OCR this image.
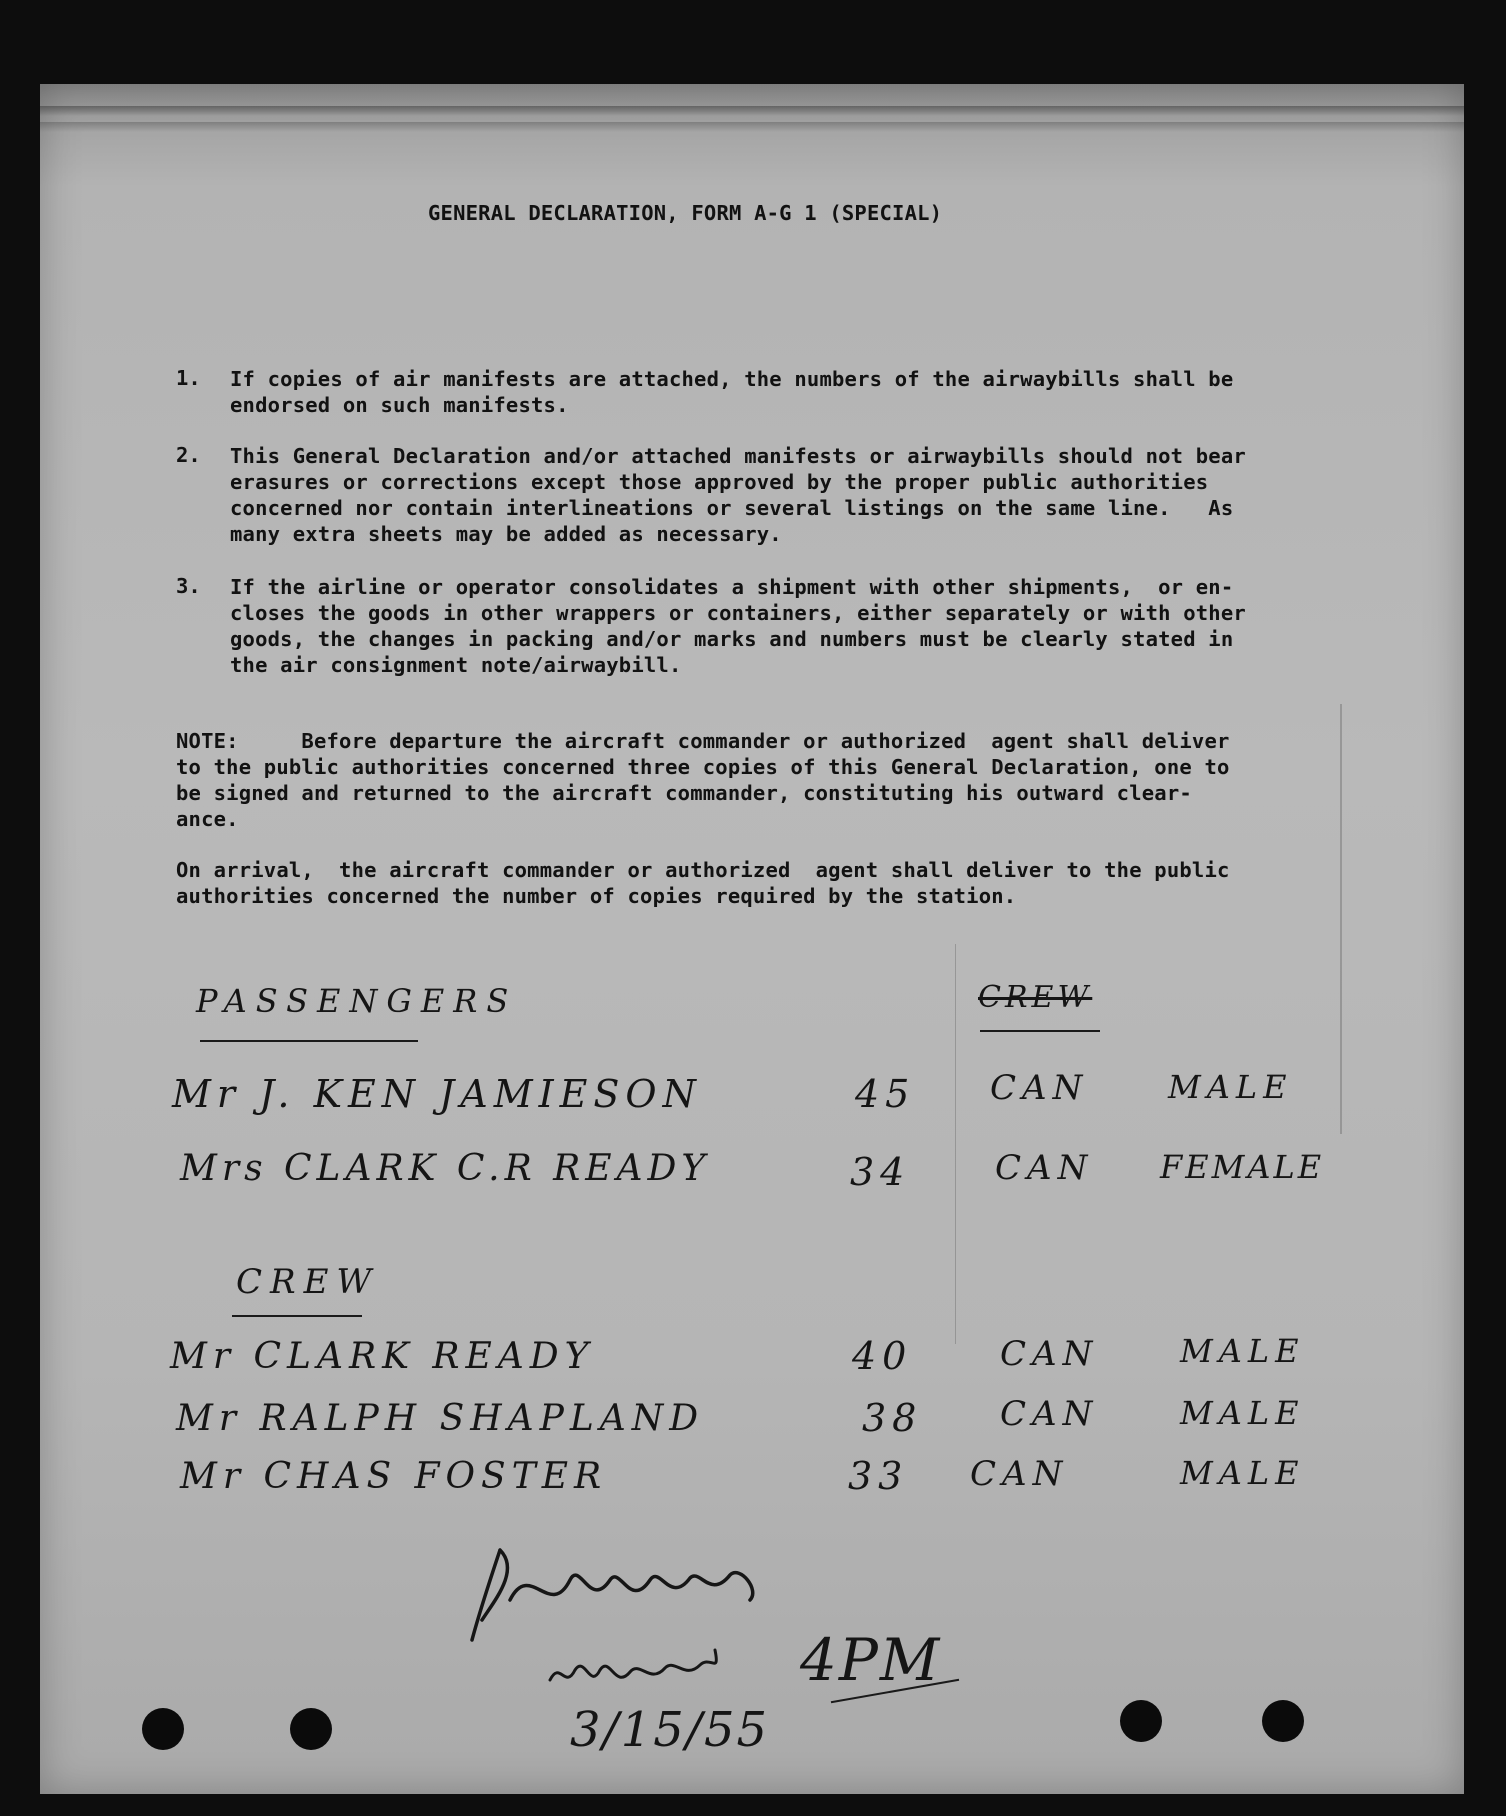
GENERAL DECLARATION, FORM A-G 1 (SPECIAL)
1. If copies of air manifests are attached, the numbers of the airwaybills shall be
endorsed on such manifests.
2. This General Declaration and/or attached manifests or airwaybills should not bear
erasures or corrections except those approved by the proper public authorities
concerned nor contain interlineations or several listings on the same line.   As
many extra sheets may be added as necessary.
3. If the airline or operator consolidates a shipment with other shipments,  or en-
closes the goods in other wrappers or containers, either separately or with other
goods, the changes in packing and/or marks and numbers must be clearly stated in
the air consignment note/airwaybill.
NOTE:     Before departure the aircraft commander or authorized  agent shall deliver
to the public authorities concerned three copies of this General Declaration, one to
be signed and returned to the aircraft commander, constituting his outward clear-
ance.
On arrival,  the aircraft commander or authorized  agent shall deliver to the public
authorities concerned the number of copies required by the station.
PASSENGERS	CREW
Mr J. KEN JAMIESON	45 CAN MALE
Mrs CLARK C.R READY	34 CAN FEMALE
CREW
Mr CLARK READY	40	CAN	MALE
Mr RALPH SHAPLAND	38 CAN	MALE
Mr CHAS FOSTER	33 CAN	MALE
3/15/55
4PM
